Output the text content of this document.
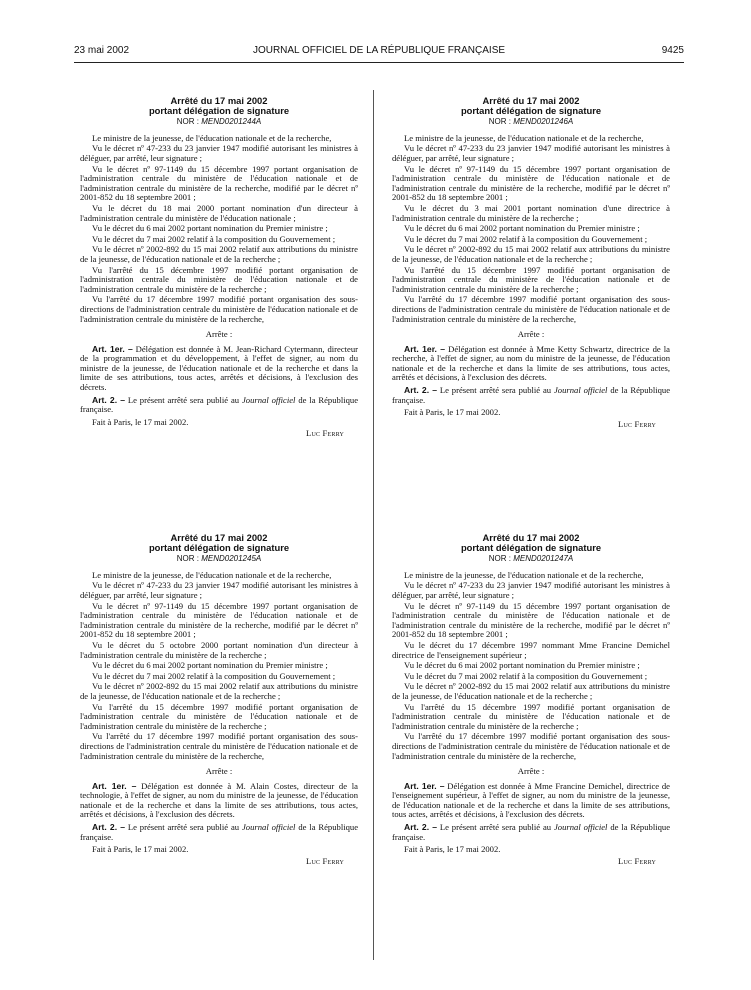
23 mai 2002	JOURNAL OFFICIEL DE LA RÉPUBLIQUE FRANÇAISE	9425
Arrêté du 17 mai 2002
portant délégation de signature
NOR : MEND0201244A
Le ministre de la jeunesse, de l'éducation nationale et de la recherche,
Vu le décret nº 47-233 du 23 janvier 1947 modifié autorisant les ministres à déléguer, par arrêté, leur signature ;
Vu le décret nº 97-1149 du 15 décembre 1997 portant organisation de l'administration centrale du ministère de l'éducation nationale et de l'administration centrale du ministère de la recherche, modifié par le décret nº 2001-852 du 18 septembre 2001 ;
Vu le décret du 18 mai 2000 portant nomination d'un directeur à l'administration centrale du ministère de l'éducation nationale ;
Vu le décret du 6 mai 2002 portant nomination du Premier ministre ;
Vu le décret du 7 mai 2002 relatif à la composition du Gouvernement ;
Vu le décret nº 2002-892 du 15 mai 2002 relatif aux attributions du ministre de la jeunesse, de l'éducation nationale et de la recherche ;
Vu l'arrêté du 15 décembre 1997 modifié portant organisation de l'administration centrale du ministère de l'éducation nationale et de l'administration centrale du ministère de la recherche ;
Vu l'arrêté du 17 décembre 1997 modifié portant organisation des sous-directions de l'administration centrale du ministère de l'éducation nationale et de l'administration centrale du ministère de la recherche,
Arrête :
Art. 1er. – Délégation est donnée à M. Jean-Richard Cytermann, directeur de la programmation et du développement, à l'effet de signer, au nom du ministre de la jeunesse, de l'éducation nationale et de la recherche et dans la limite de ses attributions, tous actes, arrêtés et décisions, à l'exclusion des décrets.
Art. 2. – Le présent arrêté sera publié au Journal officiel de la République française.
Fait à Paris, le 17 mai 2002.
Luc Ferry
Arrêté du 17 mai 2002
portant délégation de signature
NOR : MEND0201246A
Le ministre de la jeunesse, de l'éducation nationale et de la recherche,
Vu le décret nº 47-233 du 23 janvier 1947 modifié autorisant les ministres à déléguer, par arrêté, leur signature ;
Vu le décret nº 97-1149 du 15 décembre 1997 portant organisation de l'administration centrale du ministère de l'éducation nationale et de l'administration centrale du ministère de la recherche, modifié par le décret nº 2001-852 du 18 septembre 2001 ;
Vu le décret du 3 mai 2001 portant nomination d'une directrice à l'administration centrale du ministère de la recherche ;
Vu le décret du 6 mai 2002 portant nomination du Premier ministre ;
Vu le décret du 7 mai 2002 relatif à la composition du Gouvernement ;
Vu le décret nº 2002-892 du 15 mai 2002 relatif aux attributions du ministre de la jeunesse, de l'éducation nationale et de la recherche ;
Vu l'arrêté du 15 décembre 1997 modifié portant organisation de l'administration centrale du ministère de l'éducation nationale et de l'administration centrale du ministère de la recherche ;
Vu l'arrêté du 17 décembre 1997 modifié portant organisation des sous-directions de l'administration centrale du ministère de l'éducation nationale et de l'administration centrale du ministère de la recherche,
Arrête :
Art. 1er. – Délégation est donnée à Mme Ketty Schwartz, directrice de la recherche, à l'effet de signer, au nom du ministre de la jeunesse, de l'éducation nationale et de la recherche et dans la limite de ses attributions, tous actes, arrêtés et décisions, à l'exclusion des décrets.
Art. 2. – Le présent arrêté sera publié au Journal officiel de la République française.
Fait à Paris, le 17 mai 2002.
Luc Ferry
Arrêté du 17 mai 2002
portant délégation de signature
NOR : MEND0201245A
Le ministre de la jeunesse, de l'éducation nationale et de la recherche,
Vu le décret nº 47-233 du 23 janvier 1947 modifié autorisant les ministres à déléguer, par arrêté, leur signature ;
Vu le décret nº 97-1149 du 15 décembre 1997 portant organisation de l'administration centrale du ministère de l'éducation nationale et de l'administration centrale du ministère de la recherche, modifié par le décret nº 2001-852 du 18 septembre 2001 ;
Vu le décret du 5 octobre 2000 portant nomination d'un directeur à l'administration centrale du ministère de la recherche ;
Vu le décret du 6 mai 2002 portant nomination du Premier ministre ;
Vu le décret du 7 mai 2002 relatif à la composition du Gouvernement ;
Vu le décret nº 2002-892 du 15 mai 2002 relatif aux attributions du ministre de la jeunesse, de l'éducation nationale et de la recherche ;
Vu l'arrêté du 15 décembre 1997 modifié portant organisation de l'administration centrale du ministère de l'éducation nationale et de l'administration centrale du ministère de la recherche ;
Vu l'arrêté du 17 décembre 1997 modifié portant organisation des sous-directions de l'administration centrale du ministère de l'éducation nationale et de l'administration centrale du ministère de la recherche,
Arrête :
Art. 1er. – Délégation est donnée à M. Alain Costes, directeur de la technologie, à l'effet de signer, au nom du ministre de la jeunesse, de l'éducation nationale et de la recherche et dans la limite de ses attributions, tous actes, arrêtés et décisions, à l'exclusion des décrets.
Art. 2. – Le présent arrêté sera publié au Journal officiel de la République française.
Fait à Paris, le 17 mai 2002.
Luc Ferry
Arrêté du 17 mai 2002
portant délégation de signature
NOR : MEND0201247A
Le ministre de la jeunesse, de l'éducation nationale et de la recherche,
Vu le décret nº 47-233 du 23 janvier 1947 modifié autorisant les ministres à déléguer, par arrêté, leur signature ;
Vu le décret nº 97-1149 du 15 décembre 1997 portant organisation de l'administration centrale du ministère de l'éducation nationale et de l'administration centrale du ministère de la recherche, modifié par le décret nº 2001-852 du 18 septembre 2001 ;
Vu le décret du 17 décembre 1997 nommant Mme Francine Demichel directrice de l'enseignement supérieur ;
Vu le décret du 6 mai 2002 portant nomination du Premier ministre ;
Vu le décret du 7 mai 2002 relatif à la composition du Gouvernement ;
Vu le décret nº 2002-892 du 15 mai 2002 relatif aux attributions du ministre de la jeunesse, de l'éducation nationale et de la recherche ;
Vu l'arrêté du 15 décembre 1997 modifié portant organisation de l'administration centrale du ministère de l'éducation nationale et de l'administration centrale du ministère de la recherche ;
Vu l'arrêté du 17 décembre 1997 modifié portant organisation des sous-directions de l'administration centrale du ministère de l'éducation nationale et de l'administration centrale du ministère de la recherche,
Arrête :
Art. 1er. – Délégation est donnée à Mme Francine Demichel, directrice de l'enseignement supérieur, à l'effet de signer, au nom du ministre de la jeunesse, de l'éducation nationale et de la recherche et dans la limite de ses attributions, tous actes, arrêtés et décisions, à l'exclusion des décrets.
Art. 2. – Le présent arrêté sera publié au Journal officiel de la République française.
Fait à Paris, le 17 mai 2002.
Luc Ferry
